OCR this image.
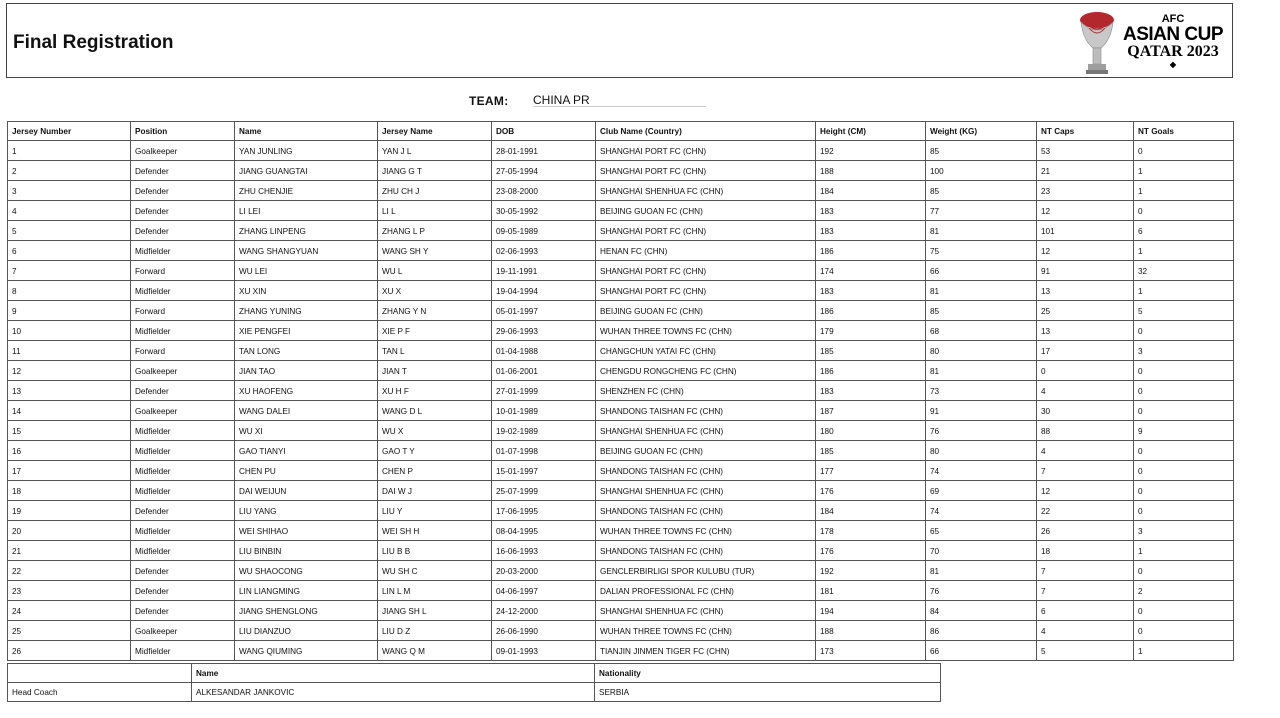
Final Registration
AFC
ASIAN CUP
QATAR 2023
◆
TEAM: CHINA PR
Jersey Number	Position	Name	Jersey Name	DOB	Club Name (Country)	Height (CM)	Weight (KG)	NT Caps	NT Goals
1	Goalkeeper	YAN JUNLING	YAN J L	28-01-1991	SHANGHAI PORT FC (CHN)	192	85	53	0
2	Defender	JIANG GUANGTAI	JIANG G T	27-05-1994	SHANGHAI PORT FC (CHN)	188	100	21	1
3	Defender	ZHU CHENJIE	ZHU CH J	23-08-2000	SHANGHAI SHENHUA FC (CHN)	184	85	23	1
4	Defender	LI LEI	LI L	30-05-1992	BEIJING GUOAN FC (CHN)	183	77	12	0
5	Defender	ZHANG LINPENG	ZHANG L P	09-05-1989	SHANGHAI PORT FC (CHN)	183	81	101	6
6	Midfielder	WANG SHANGYUAN	WANG SH Y	02-06-1993	HENAN FC (CHN)	186	75	12	1
7	Forward	WU LEI	WU L	19-11-1991	SHANGHAI PORT FC (CHN)	174	66	91	32
8	Midfielder	XU XIN	XU X	19-04-1994	SHANGHAI PORT FC (CHN)	183	81	13	1
9	Forward	ZHANG YUNING	ZHANG Y N	05-01-1997	BEIJING GUOAN FC (CHN)	186	85	25	5
10	Midfielder	XIE PENGFEI	XIE P F	29-06-1993	WUHAN THREE TOWNS FC (CHN)	179	68	13	0
11	Forward	TAN LONG	TAN L	01-04-1988	CHANGCHUN YATAI FC (CHN)	185	80	17	3
12	Goalkeeper	JIAN TAO	JIAN T	01-06-2001	CHENGDU RONGCHENG FC (CHN)	186	81	0	0
13	Defender	XU HAOFENG	XU H F	27-01-1999	SHENZHEN FC (CHN)	183	73	4	0
14	Goalkeeper	WANG DALEI	WANG D L	10-01-1989	SHANDONG TAISHAN FC (CHN)	187	91	30	0
15	Midfielder	WU XI	WU X	19-02-1989	SHANGHAI SHENHUA FC (CHN)	180	76	88	9
16	Midfielder	GAO TIANYI	GAO T Y	01-07-1998	BEIJING GUOAN FC (CHN)	185	80	4	0
17	Midfielder	CHEN PU	CHEN P	15-01-1997	SHANDONG TAISHAN FC (CHN)	177	74	7	0
18	Midfielder	DAI WEIJUN	DAI W J	25-07-1999	SHANGHAI SHENHUA FC (CHN)	176	69	12	0
19	Defender	LIU YANG	LIU Y	17-06-1995	SHANDONG TAISHAN FC (CHN)	184	74	22	0
20	Midfielder	WEI SHIHAO	WEI SH H	08-04-1995	WUHAN THREE TOWNS FC (CHN)	178	65	26	3
21	Midfielder	LIU BINBIN	LIU B B	16-06-1993	SHANDONG TAISHAN FC (CHN)	176	70	18	1
22	Defender	WU SHAOCONG	WU SH C	20-03-2000	GENCLERBIRLIGI SPOR KULUBU (TUR)	192	81	7	0
23	Defender	LIN LIANGMING	LIN L M	04-06-1997	DALIAN PROFESSIONAL FC (CHN)	181	76	7	2
24	Defender	JIANG SHENGLONG	JIANG SH L	24-12-2000	SHANGHAI SHENHUA FC (CHN)	194	84	6	0
25	Goalkeeper	LIU DIANZUO	LIU D Z	26-06-1990	WUHAN THREE TOWNS FC (CHN)	188	86	4	0
26	Midfielder	WANG QIUMING	WANG Q M	09-01-1993	TIANJIN JINMEN TIGER FC (CHN)	173	66	5	1
	Name	Nationality
Head Coach	ALKESANDAR JANKOVIC	SERBIA
